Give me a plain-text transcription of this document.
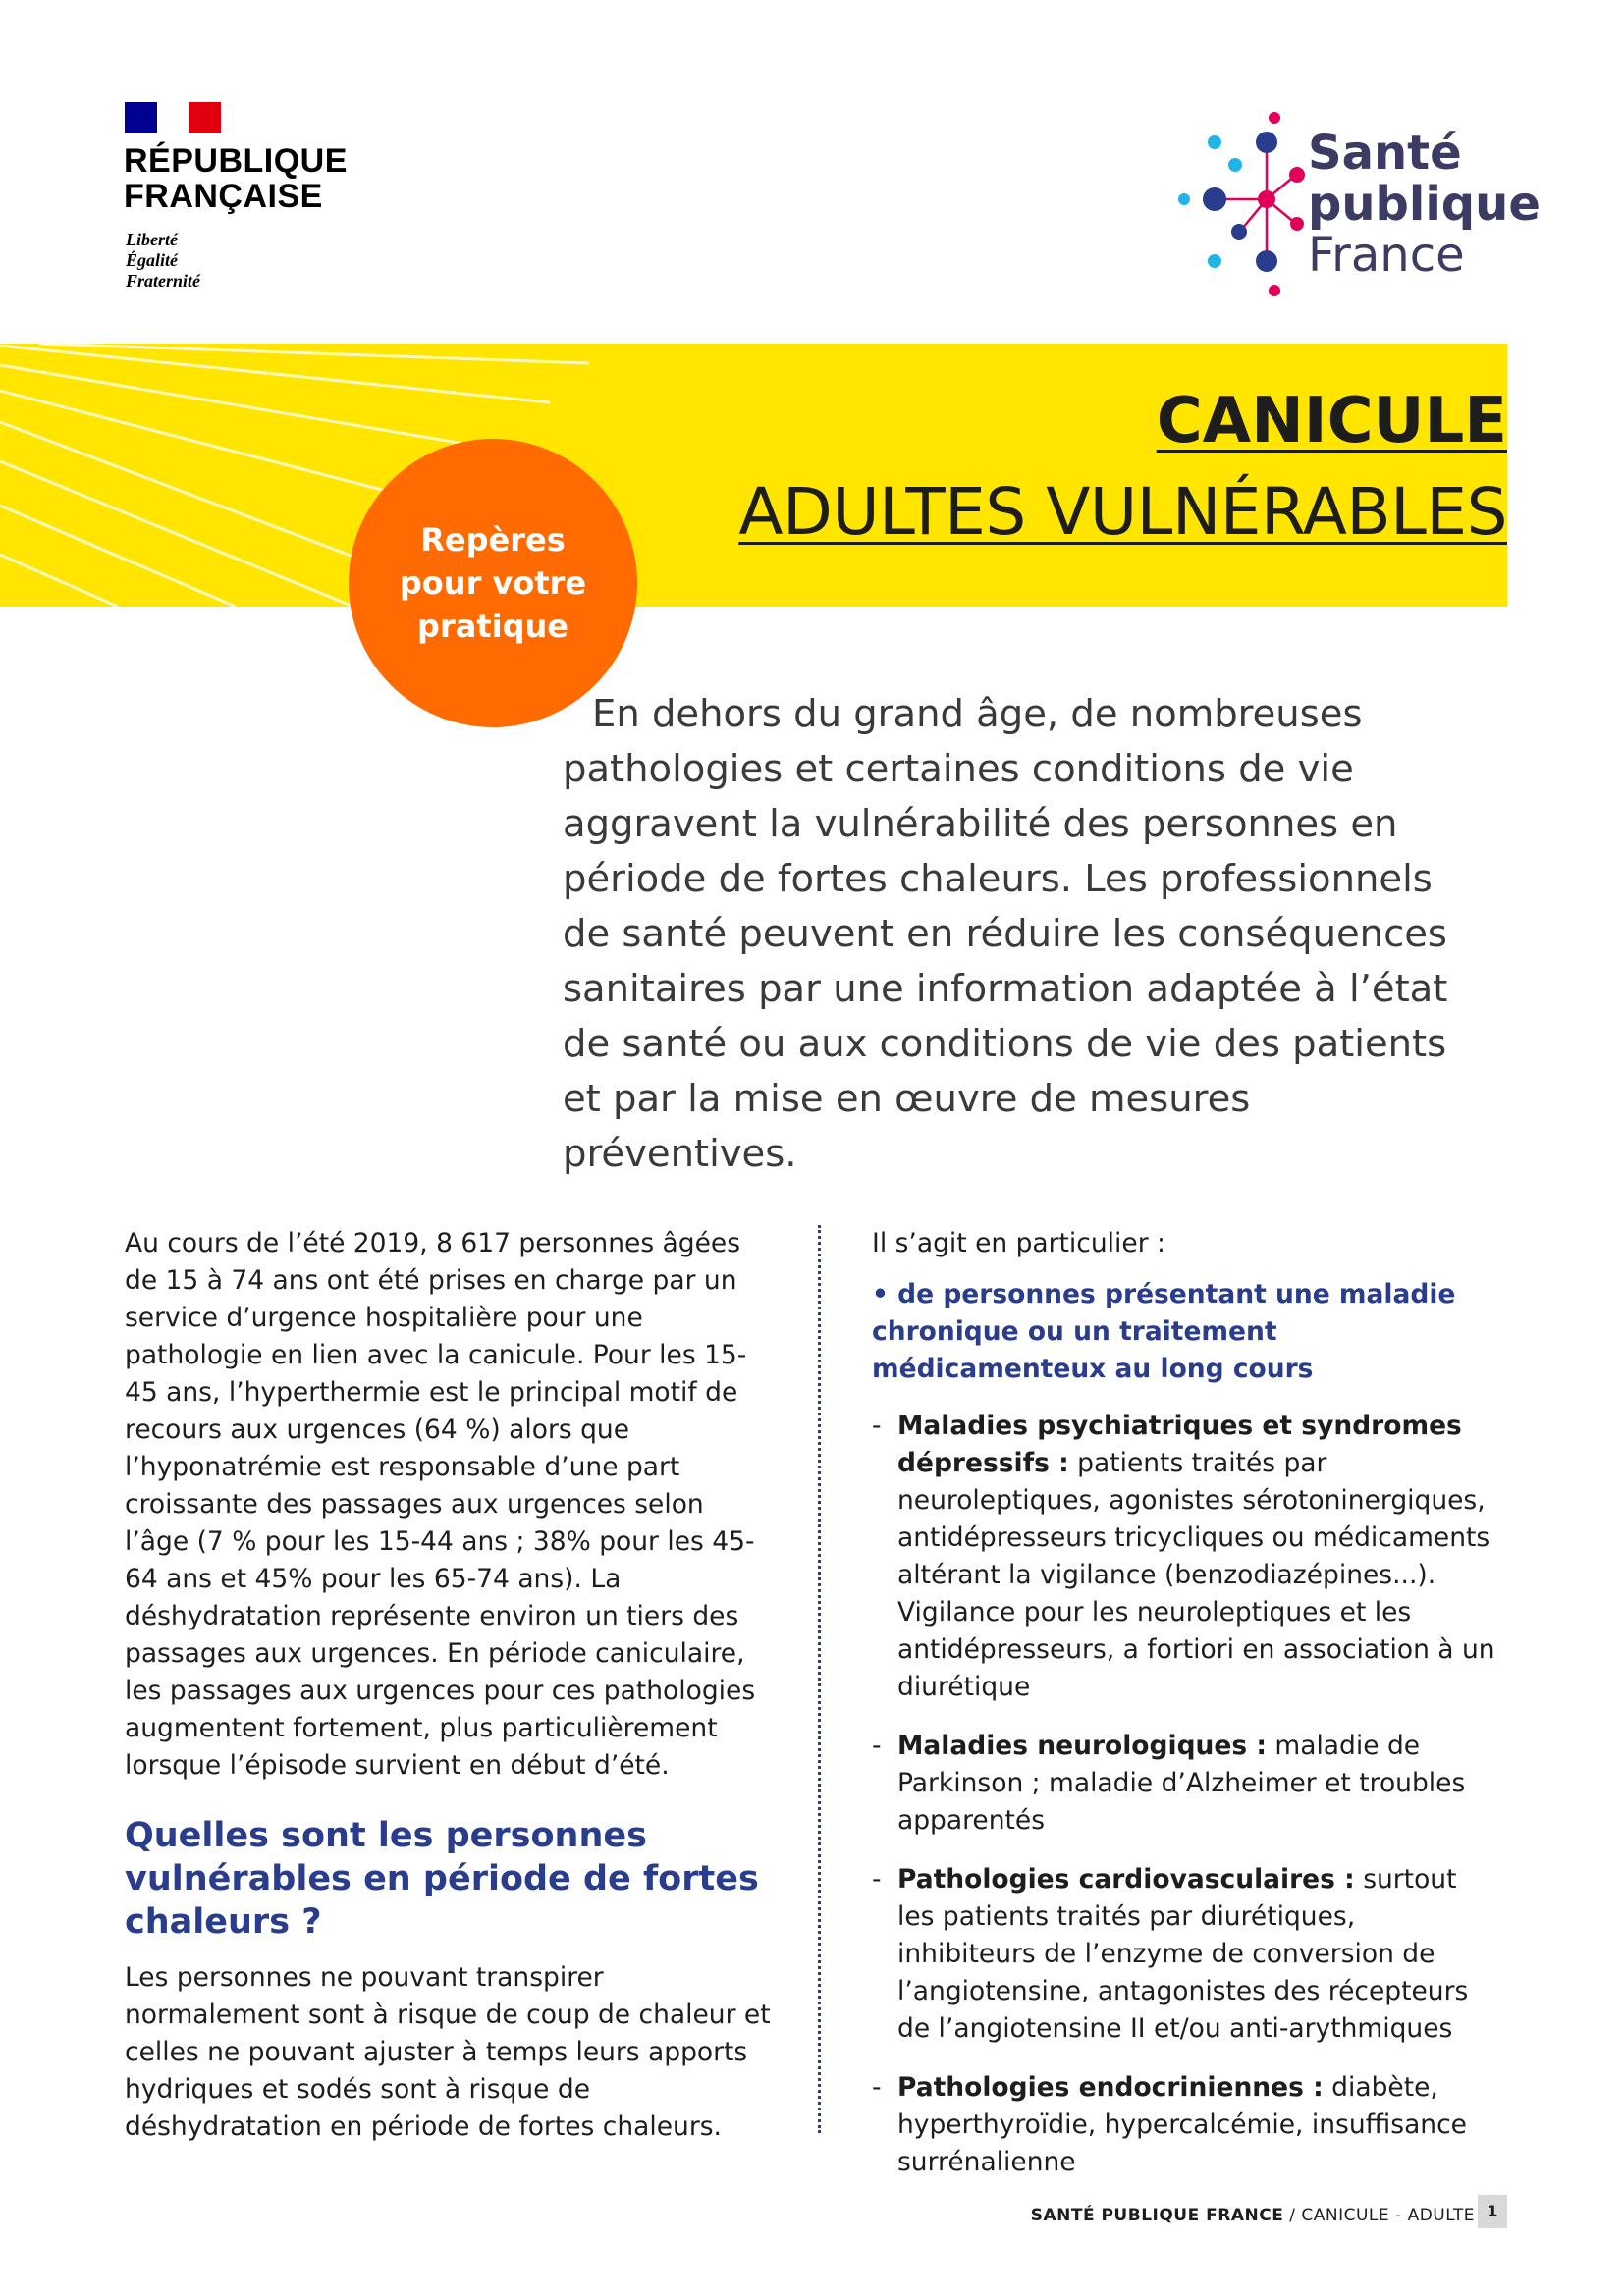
RÉPUBLIQUE
FRANÇAISE
Liberté
Égalité
Fraternité
Santé
publique
France
CANICULE
ADULTES VULNÉRABLES
Repères pour votre pratique

En dehors du grand âge, de nombreuses pathologies et certaines conditions de vie aggravent la vulnérabilité des personnes en période de fortes chaleurs. Les professionnels de santé peuvent en réduire les conséquences sanitaires par une information adaptée à l’état de santé ou aux conditions de vie des patients et par la mise en œuvre de mesures préventives.

Au cours de l’été 2019, 8 617 personnes âgées de 15 à 74 ans ont été prises en charge par un service d’urgence hospitalière pour une pathologie en lien avec la canicule. Pour les 15-45 ans, l’hyperthermie est le principal motif de recours aux urgences (64 %) alors que l’hyponatrémie est responsable d’une part croissante des passages aux urgences selon l’âge (7 % pour les 15-44 ans ; 38% pour les 45-64 ans et 45% pour les 65-74 ans). La déshydratation représente environ un tiers des passages aux urgences. En période caniculaire, les passages aux urgences pour ces pathologies augmentent fortement, plus particulièrement lorsque l’épisode survient en début d’été.

Quelles sont les personnes vulnérables en période de fortes chaleurs ?

Les personnes ne pouvant transpirer normalement sont à risque de coup de chaleur et celles ne pouvant ajuster à temps leurs apports hydriques et sodés sont à risque de déshydratation en période de fortes chaleurs.

Il s’agit en particulier :

• de personnes présentant une maladie chronique ou un traitement médicamenteux au long cours
- Maladies psychiatriques et syndromes dépressifs : patients traités par neuroleptiques, agonistes sérotoninergiques, antidépresseurs tricycliques ou médicaments altérant la vigilance (benzodiazépines...). Vigilance pour les neuroleptiques et les antidépresseurs, a fortiori en association à un diurétique
- Maladies neurologiques : maladie de Parkinson ; maladie d’Alzheimer et troubles apparentés
- Pathologies cardiovasculaires : surtout les patients traités par diurétiques, inhibiteurs de l’enzyme de conversion de l’angiotensine, antagonistes des récepteurs de l’angiotensine II et/ou anti-arythmiques
- Pathologies endocriniennes : diabète, hyperthyroïdie, hypercalcémie, insuffisance surrénalienne
SANTÉ PUBLIQUE FRANCE / CANICULE - ADULTE 1
